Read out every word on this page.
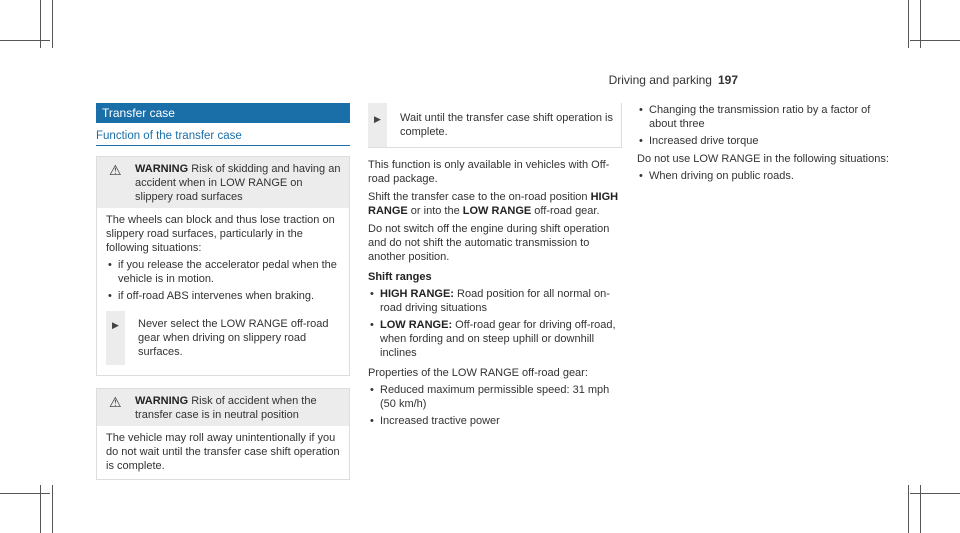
Driving and parking 197
Transfer case
Function of the transfer case
⚠ WARNING Risk of skidding and having an accident when in LOW RANGE on slippery road surfaces
The wheels can block and thus lose traction on slippery road surfaces, particularly in the following situations:
• if you release the accelerator pedal when the vehicle is in motion.
• if off-road ABS intervenes when braking.
▶ Never select the LOW RANGE off-road gear when driving on slippery road surfaces.
⚠ WARNING Risk of accident when the transfer case is in neutral position
The vehicle may roll away unintentionally if you do not wait until the transfer case shift operation is complete.
▶ Wait until the transfer case shift operation is complete.

This function is only available in vehicles with Off-road package.

Shift the transfer case to the on-road position HIGH RANGE or into the LOW RANGE off-road gear.

Do not switch off the engine during shift operation and do not shift the automatic transmission to another position.

Shift ranges
• HIGH RANGE: Road position for all normal on-road driving situations
• LOW RANGE: Off-road gear for driving off-road, when fording and on steep uphill or downhill inclines

Properties of the LOW RANGE off-road gear:

• Reduced maximum permissible speed: 31 mph (50 km/h)
• Increased tractive power
• Changing the transmission ratio by a factor of about three
• Increased drive torque

Do not use LOW RANGE in the following situations:

• When driving on public roads.
